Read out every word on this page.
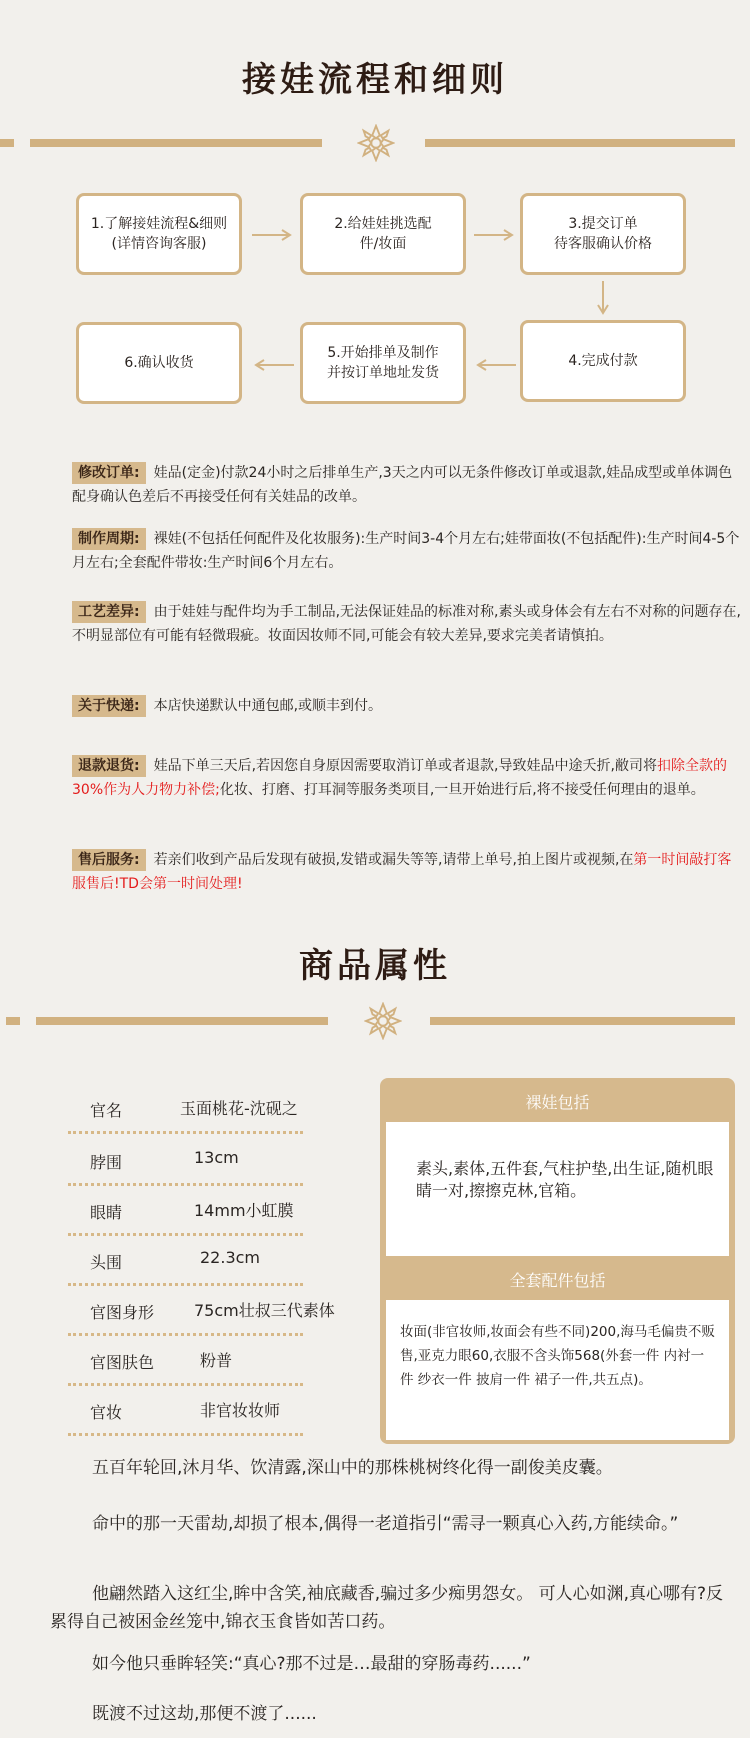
接娃流程和细则
1.了解接娃流程&细则
(详情咨询客服)
2.给娃娃挑选配
件/妆面
3.提交订单
待客服确认价格
4.完成付款
5.开始排单及制作
并按订单地址发货
6.确认收货
修改订单: 娃品(定金)付款24小时之后排单生产,3天之内可以无条件修改订单或退款,娃品成型或单体调色配身确认色差后不再接受任何有关娃品的改单。
制作周期: 裸娃(不包括任何配件及化妆服务):生产时间3-4个月左右;娃带面妆(不包括配件):生产时间4-5个月左右;全套配件带妆:生产时间6个月左右。
工艺差异: 由于娃娃与配件均为手工制品,无法保证娃品的标准对称,素头或身体会有左右不对称的问题存在,不明显部位有可能有轻微瑕疵。妆面因妆师不同,可能会有较大差异,要求完美者请慎拍。
关于快递: 本店快递默认中通包邮,或顺丰到付。
退款退货: 娃品下单三天后,若因您自身原因需要取消订单或者退款,导致娃品中途夭折,敝司将扣除全款的30%作为人力物力补偿;化妆、打磨、打耳洞等服务类项目,一旦开始进行后,将不接受任何理由的退单。
售后服务: 若亲们收到产品后发现有破损,发错或漏失等等,请带上单号,拍上图片或视频,在第一时间敲打客服售后!TD会第一时间处理!
商品属性
官名	玉面桃花-沈砚之
脖围	13cm
眼睛	14mm小虹膜
头围	22.3cm
官图身形 75cm壮叔三代素体
官图肤色	粉普
官妆	非官妆妆师
裸娃包括
素头,素体,五件套,气柱护垫,出生证,随机眼睛一对,擦擦克林,官箱。
全套配件包括
妆面(非官妆师,妆面会有些不同)200,海马毛偏贵不贩售,亚克力眼60,衣服不含头饰568(外套一件 内衬一件 纱衣一件 披肩一件 裙子一件,共五点)。
五百年轮回,沐月华、饮清露,深山中的那株桃树终化得一副俊美皮囊。
命中的那一天雷劫,却损了根本,偶得一老道指引“需寻一颗真心入药,方能续命。”
他翩然踏入这红尘,眸中含笑,袖底藏香,骗过多少痴男怨女。 可人心如渊,真心哪有?反累得自己被困金丝笼中,锦衣玉食皆如苦口药。
如今他只垂眸轻笑:“真心?那不过是…最甜的穿肠毒药......”
既渡不过这劫,那便不渡了......
